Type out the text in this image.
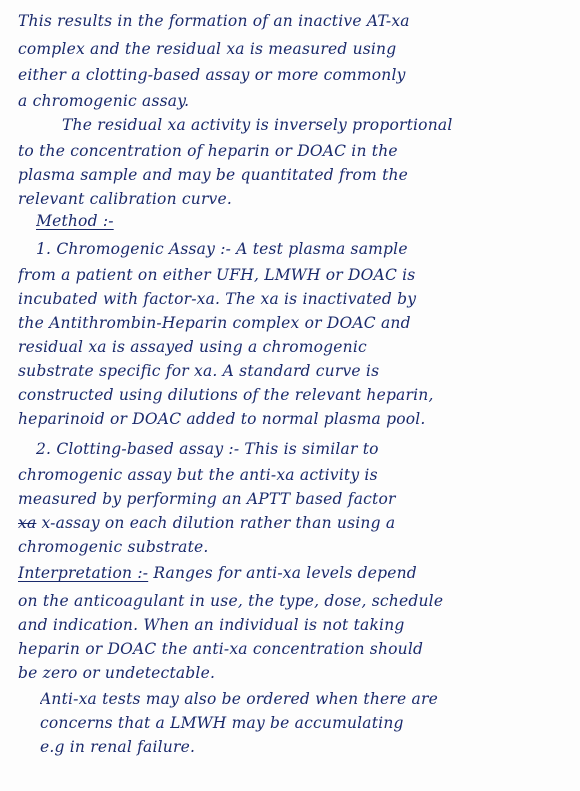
This results in the formation of an inactive AT-xa
complex and the residual xa is measured using
either a clotting-based assay or more commonly
a chromogenic assay.
The residual xa activity is inversely proportional
to the concentration of heparin or DOAC in the
plasma sample and may be quantitated from the
relevant calibration curve.
Method :-
1. Chromogenic Assay :- A test plasma sample
from a patient on either UFH, LMWH or DOAC is
incubated with factor-xa. The xa is inactivated by
the Antithrombin-Heparin complex or DOAC and
residual xa is assayed using a chromogenic
substrate specific for xa. A standard curve is
constructed using dilutions of the relevant heparin,
heparinoid or DOAC added to normal plasma pool.
2. Clotting-based assay :- This is similar to
chromogenic assay but the anti-xa activity is
measured by performing an APTT based factor
xa x-assay on each dilution rather than using a
chromogenic substrate.
Interpretation :- Ranges for anti-xa levels depend
on the anticoagulant in use, the type, dose, schedule
and indication. When an individual is not taking
heparin or DOAC the anti-xa concentration should
be zero or undetectable.
Anti-xa tests may also be ordered when there are
concerns that a LMWH may be accumulating
e.g in renal failure.
